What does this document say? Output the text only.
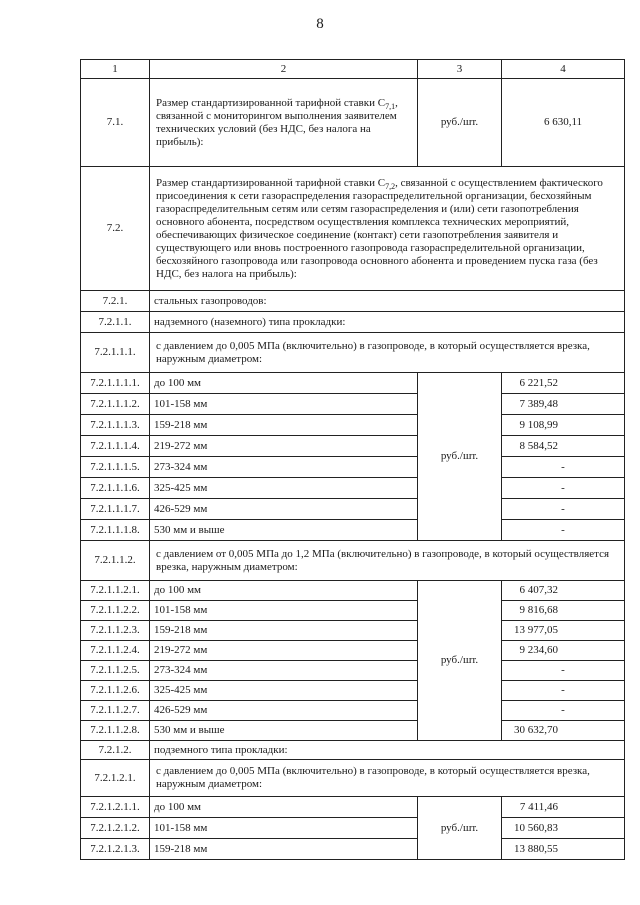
8
1	2	3	4
7.1.	Размер стандартизированной тарифной ставки $С_{7,1}$, связанной с мониторингом выполнения заявителем технических условий (без НДС, без налога на прибыль):	руб./шт.	6 630,11
7.2.	Размер стандартизированной тарифной ставки $С_{7,2}$, связанной с осуществлением фактического присоединения к сети газораспределения газораспределительной организации, бесхозяйным газораспределительным сетям или сетям газораспределения и (или) сети газопотребления основного абонента, посредством осуществления комплекса технических мероприятий, обеспечивающих физическое соединение (контакт) сети газопотребления заявителя и существующего или вновь построенного газопровода газораспределительной организации, бесхозяйного газопровода или газопровода основного абонента и проведением пуска газа (без НДС, без налога на прибыль):		
7.2.1.	стальных газопроводов:		
7.2.1.1.	надземного (наземного) типа прокладки:		
7.2.1.1.1.	с давлением до 0,005 МПа (включительно) в газопроводе, в который осуществляется врезка, наружным диаметром:		
7.2.1.1.1.1.	до 100 мм	руб./шт.	6 221,52
7.2.1.1.1.2.	101-158 мм		7 389,48
7.2.1.1.1.3.	159-218 мм		9 108,99
7.2.1.1.1.4.	219-272 мм		8 584,52
7.2.1.1.1.5.	273-324 мм		-
7.2.1.1.1.6.	325-425 мм		-
7.2.1.1.1.7.	426-529 мм		-
7.2.1.1.1.8.	530 мм и выше		-
7.2.1.1.2.	с давлением от 0,005 МПа до 1,2 МПа (включительно) в газопроводе, в который осуществляется врезка, наружным диаметром:		
7.2.1.1.2.1.	до 100 мм	руб./шт.	6 407,32
7.2.1.1.2.2.	101-158 мм		9 816,68
7.2.1.1.2.3.	159-218 мм		13 977,05
7.2.1.1.2.4.	219-272 мм		9 234,60
7.2.1.1.2.5.	273-324 мм		-
7.2.1.1.2.6.	325-425 мм		-
7.2.1.1.2.7.	426-529 мм		-
7.2.1.1.2.8.	530 мм и выше		30 632,70
7.2.1.2.	подземного типа прокладки:		
7.2.1.2.1.	с давлением до 0,005 МПа (включительно) в газопроводе, в который осуществляется врезка, наружным диаметром:		
7.2.1.2.1.1.	до 100 мм	руб./шт.	7 411,46
7.2.1.2.1.2.	101-158 мм		10 560,83
7.2.1.2.1.3.	159-218 мм		13 880,55
